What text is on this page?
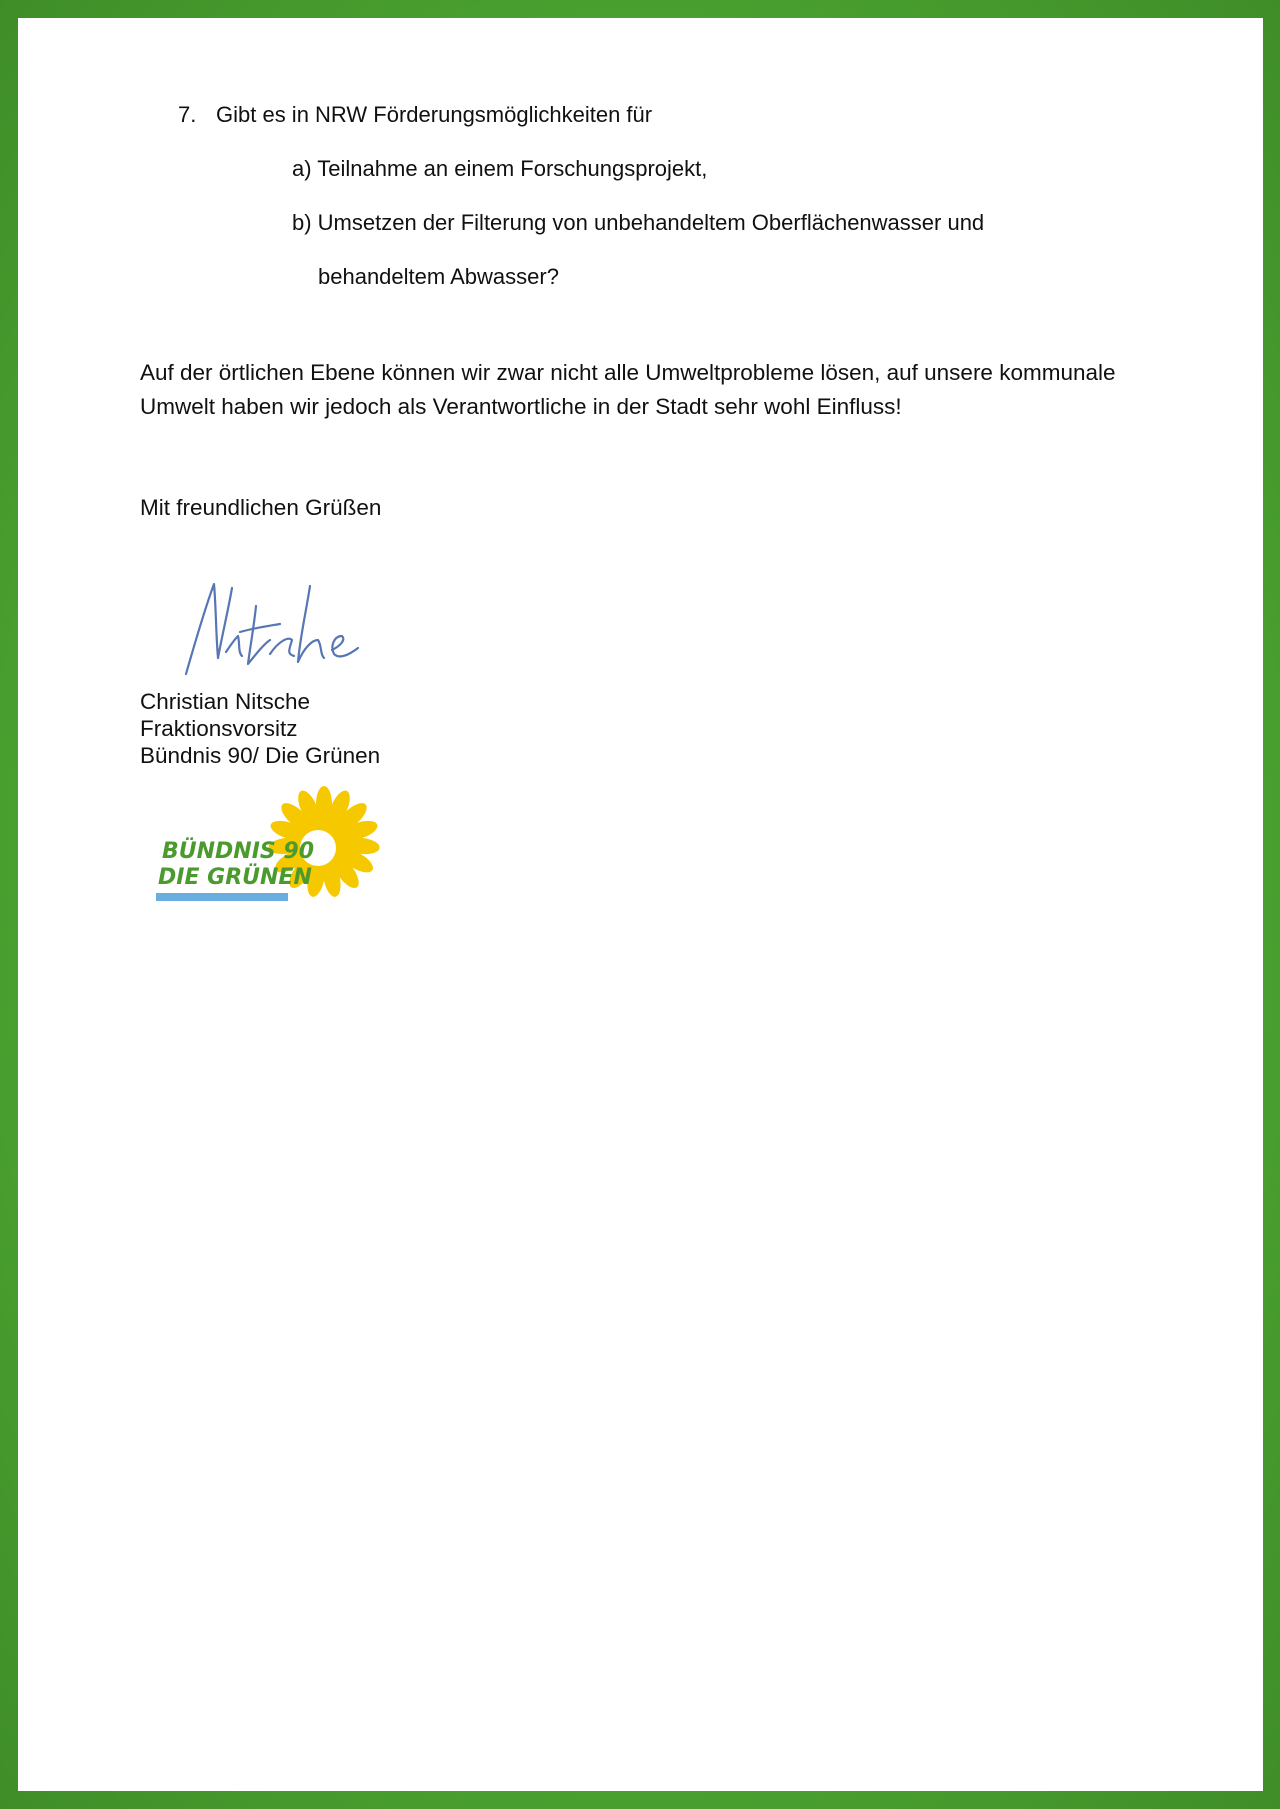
7. Gibt es in NRW Förderungsmöglichkeiten für
a) Teilnahme an einem Forschungsprojekt,
b) Umsetzen der Filterung von unbehandeltem Oberflächenwasser und
behandeltem Abwasser?
Auf der örtlichen Ebene können wir zwar nicht alle Umweltprobleme lösen, auf unsere kommunale Umwelt haben wir jedoch als Verantwortliche in der Stadt sehr wohl Einfluss!
Mit freundlichen Grüßen
Christian Nitsche
Fraktionsvorsitz
Bündnis 90/ Die Grünen
BÜNDNIS 90
DIE GRÜNEN
